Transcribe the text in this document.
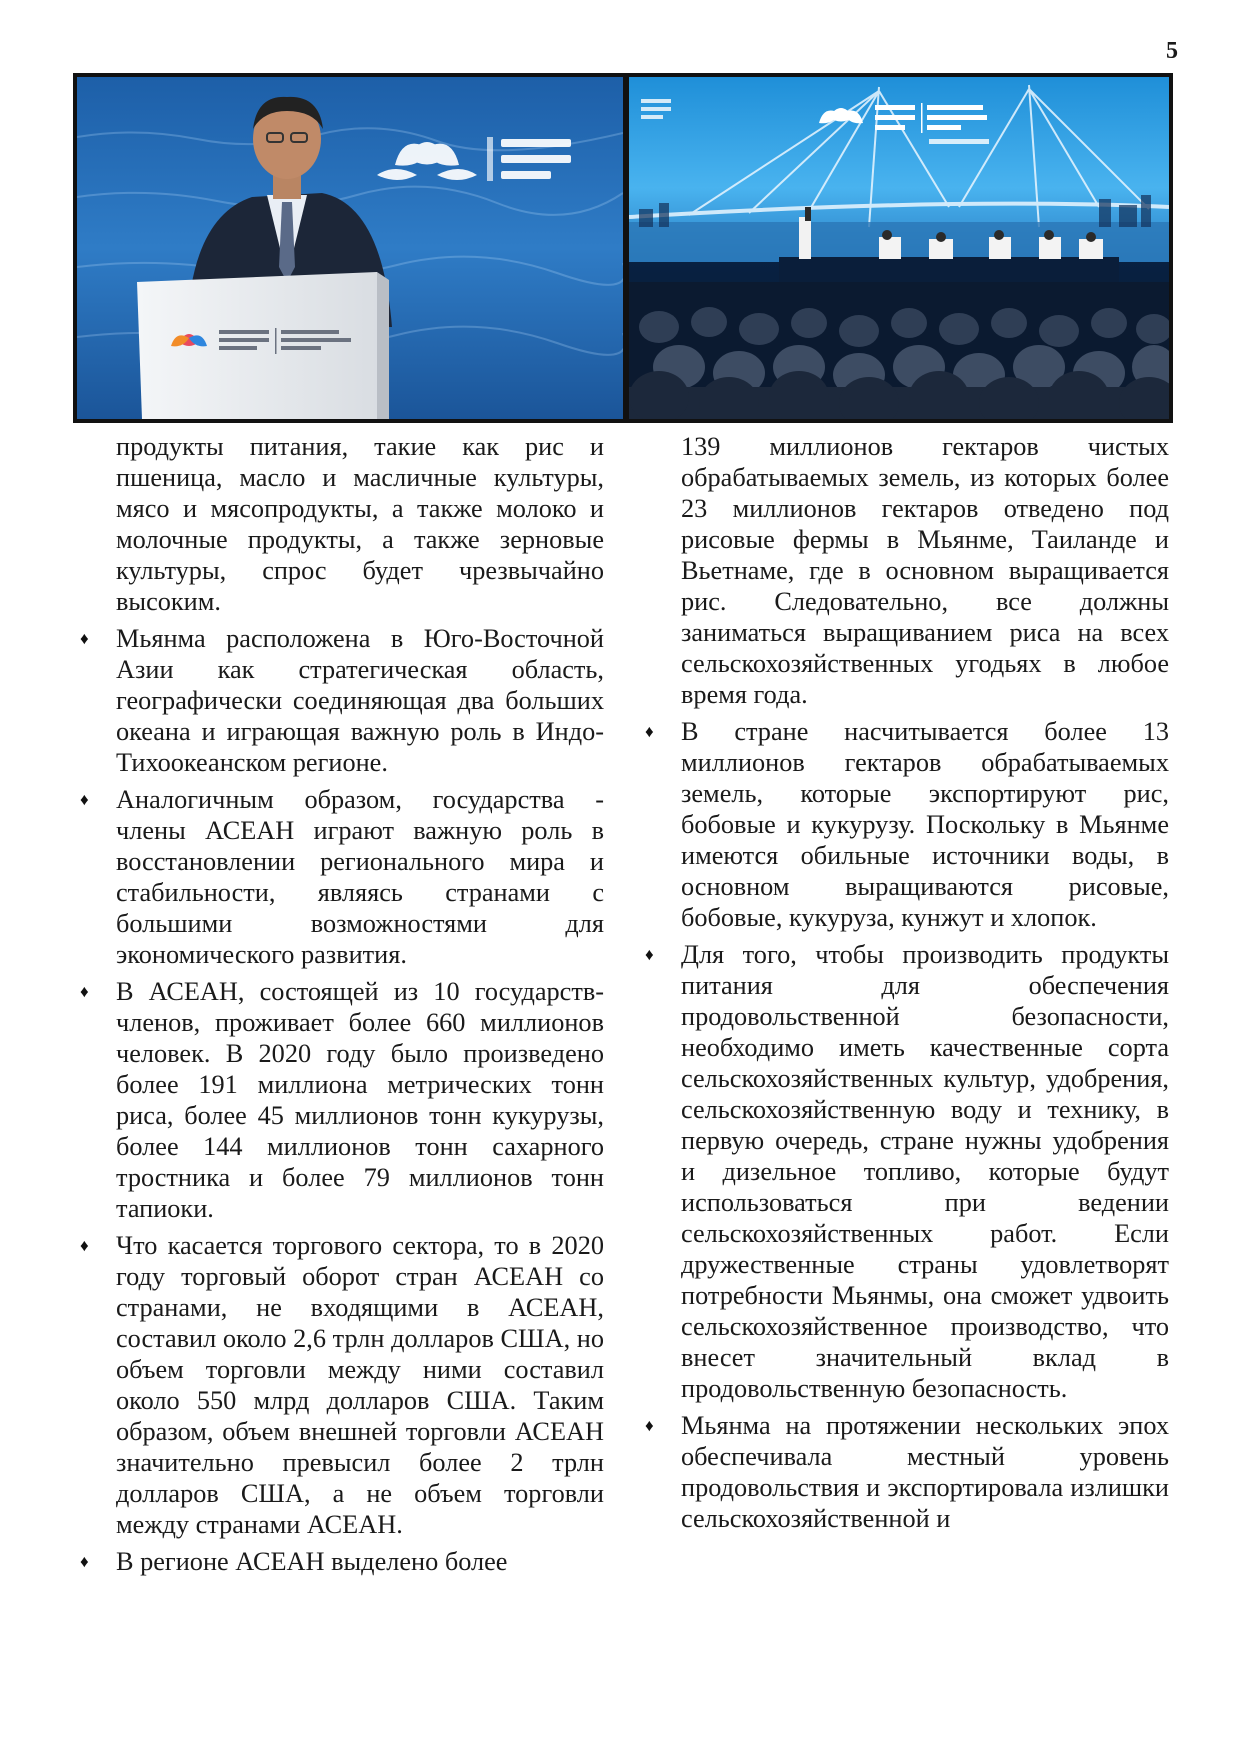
5

продукты питания, такие как рис и пшеница, масло и масличные культуры, мясо и мясопродукты, а также молоко и молочные продукты, а также зерновые культуры, спрос будет чрезвычайно высоким.

♦ Мьянма расположена в Юго-Восточной Азии как стратегическая область, географически соединяющая два больших океана и играющая важную роль в Индо-Тихоокеанском регионе.

♦ Аналогичным образом, государства - члены АСЕАН играют важную роль в восстановлении регионального мира и стабильности, являясь странами с большими возможностями для экономического развития.

♦ В АСЕАН, состоящей из 10 государств-членов, проживает более 660 миллионов человек. В 2020 году было произведено более 191 миллиона метрических тонн риса, более 45 миллионов тонн кукурузы, более 144 миллионов тонн сахарного тростника и более 79 миллионов тонн тапиоки.

♦ Что касается торгового сектора, то в 2020 году торговый оборот стран АСЕАН со странами, не входящими в АСЕАН, составил около 2,6 трлн долларов США, но объем торговли между ними составил около 550 млрд долларов США. Таким образом, объем внешней торговли АСЕАН значительно превысил более 2 трлн долларов США, а не объем торговли между странами АСЕАН.

♦ В регионе АСЕАН выделено более

139 миллионов гектаров чистых обрабатываемых земель, из которых более 23 миллионов гектаров отведено под рисовые фермы в Мьянме, Таиланде и Вьетнаме, где в основном выращивается рис. Следовательно, все должны заниматься выращиванием риса на всех сельскохозяйственных угодьях в любое время года.

♦ В стране насчитывается более 13 миллионов гектаров обрабатываемых земель, которые экспортируют рис, бобовые и кукурузу. Поскольку в Мьянме имеются обильные источники воды, в основном выращиваются рисовые, бобовые, кукуруза, кунжут и хлопок.

♦ Для того, чтобы производить продукты питания для обеспечения продовольственной безопасности, необходимо иметь качественные сорта сельскохозяйственных культур, удобрения, сельскохозяйственную воду и технику, в первую очередь, стране нужны удобрения и дизельное топливо, которые будут использоваться при ведении сельскохозяйственных работ. Если дружественные страны удовлетворят потребности Мьянмы, она сможет удвоить сельскохозяйственное производство, что внесет значительный вклад в продовольственную безопасность.

♦ Мьянма на протяжении нескольких эпох обеспечивала местный уровень продовольствия и экспортировала излишки сельскохозяйственной и
